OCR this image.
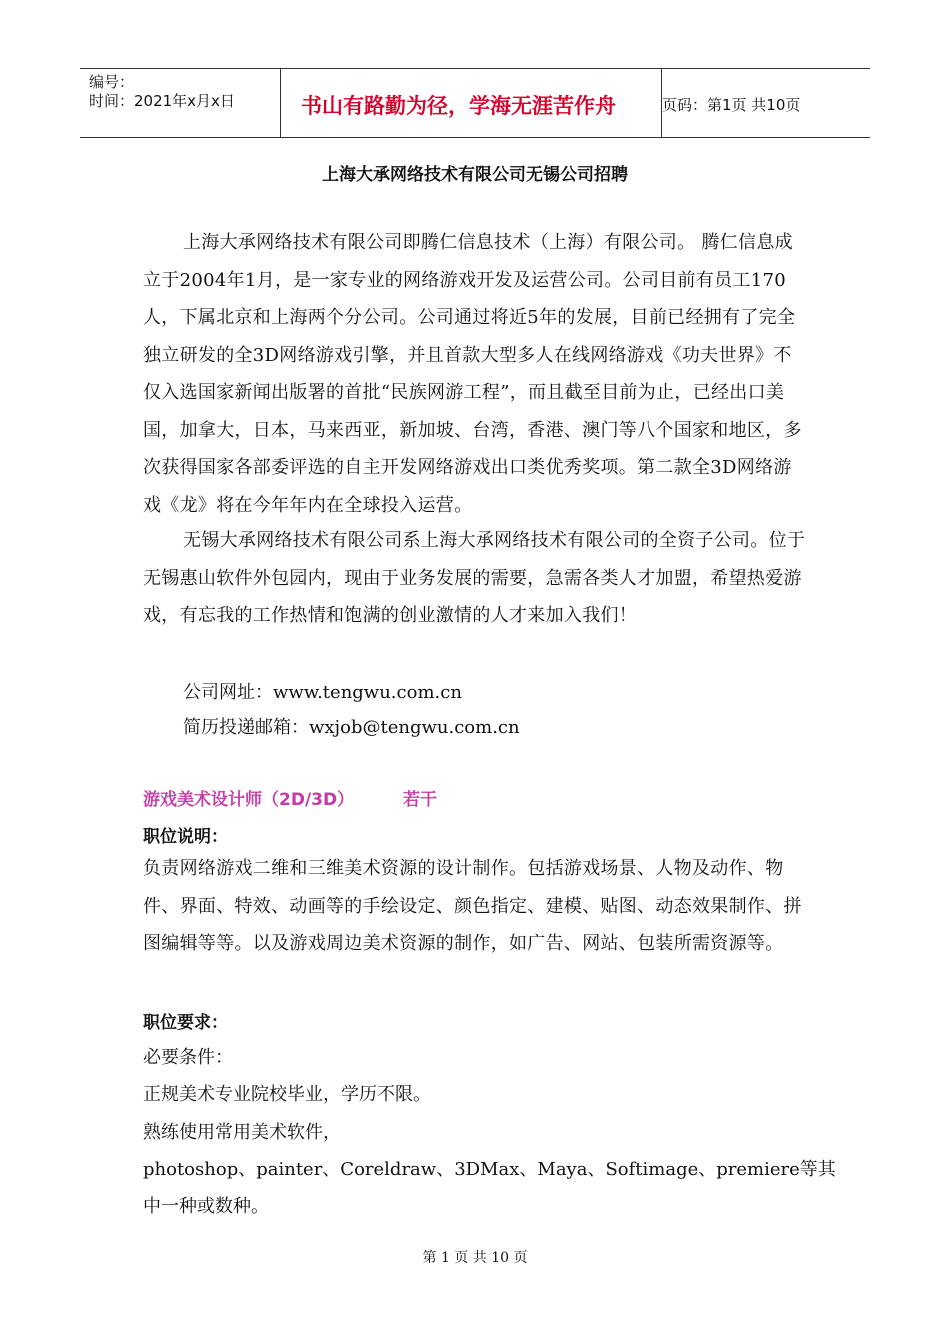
编号：
时间：2021年x月x日	书山有路勤为径，学海无涯苦作舟	页码：第1页 共10页
上海大承网络技术有限公司无锡公司招聘
上海大承网络技术有限公司即腾仁信息技术（上海）有限公司。 腾仁信息成立于2004年1月，是一家专业的网络游戏开发及运营公司。公司目前有员工170人，下属北京和上海两个分公司。公司通过将近5年的发展，目前已经拥有了完全独立研发的全3D网络游戏引擎，并且首款大型多人在线网络游戏《功夫世界》不仅入选国家新闻出版署的首批“民族网游工程”，而且截至目前为止，已经出口美国，加拿大，日本，马来西亚，新加坡、台湾，香港、澳门等八个国家和地区，多次获得国家各部委评选的自主开发网络游戏出口类优秀奖项。第二款全3D网络游戏《龙》将在今年年内在全球投入运营。
无锡大承网络技术有限公司系上海大承网络技术有限公司的全资子公司。位于无锡惠山软件外包园内，现由于业务发展的需要，急需各类人才加盟，希望热爱游戏，有忘我的工作热情和饱满的创业激情的人才来加入我们！
公司网址：www.tengwu.com.cn
简历投递邮箱：wxjob@tengwu.com.cn
游戏美术设计师（2D/3D）	若干
职位说明：
负责网络游戏二维和三维美术资源的设计制作。包括游戏场景、人物及动作、物件、界面、特效、动画等的手绘设定、颜色指定、建模、贴图、动态效果制作、拼图编辑等等。以及游戏周边美术资源的制作，如广告、网站、包装所需资源等。
职位要求：
必要条件：
正规美术专业院校毕业，学历不限。
熟练使用常用美术软件，
photoshop、painter、Coreldraw、3DMax、Maya、Softimage、premiere等其
中一种或数种。
第 1 页 共 10 页
